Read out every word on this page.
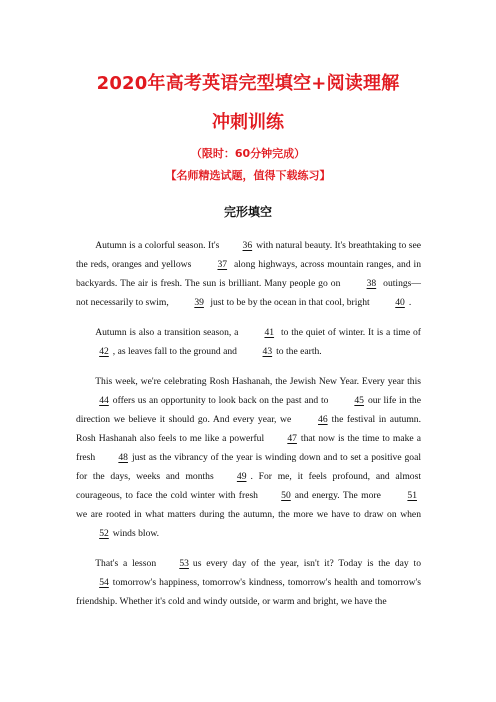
2020年高考英语完型填空+阅读理解
冲刺训练
（限时：60分钟完成）
【名师精选试题，值得下载练习】
完形填空

Autumn is a colorful season. It's 36 with natural beauty. It's breathtaking to see the reds, oranges and yellows	37 along highways, across mountain ranges, and in backyards. The air is fresh. The sun is brilliant. Many people go on	38 outings—not necessarily to swim,	39 just to be by the ocean in that cool, bright	40 .

Autumn is also a transition season, a	41 to the quiet of winter. It is a time of 42 , as leaves fall to the ground and	43 to the earth.

This week, we're celebrating Rosh Hashanah, the Jewish New Year. Every year this 44 offers us an opportunity to look back on the past and to	45 our life in the direction we believe it should go. And every year, we	46 the festival in autumn. Rosh Hashanah also feels to me like a powerful 47 that now is the time to make a fresh 48 just as the vibrancy of the year is winding down and to set a positive goal for the days, weeks and months 49 . For me, it feels profound, and almost courageous, to face the cold winter with fresh 50 and energy. The more	51we are rooted in what matters during the autumn, the more we have to draw on when52 winds blow.

That's a lesson 53 us every day of the year, isn't it? Today is the day to 54 tomorrow's happiness, tomorrow's kindness, tomorrow's health and tomorrow's friendship. Whether it's cold and windy outside, or warm and bright, we have the
